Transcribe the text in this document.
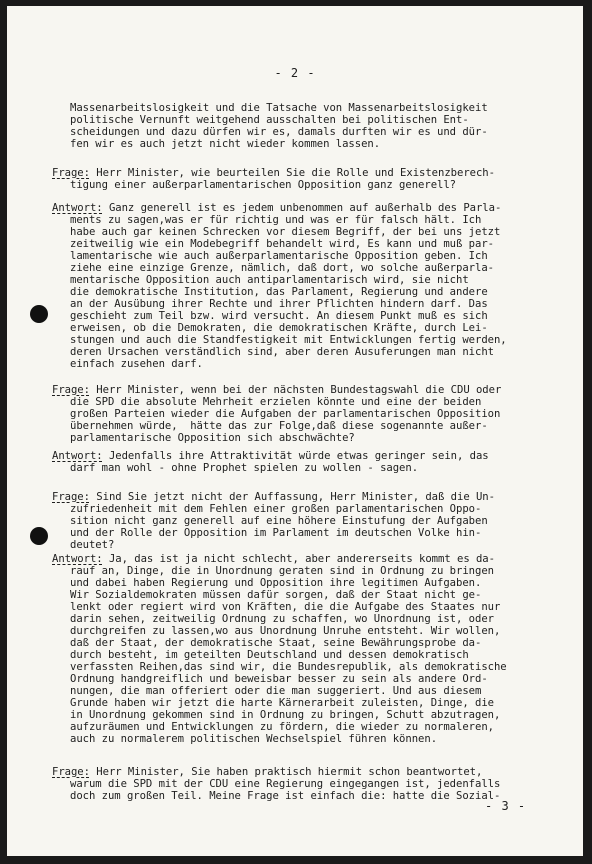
- 2 -
Massenarbeitslosigkeit und die Tatsache von Massenarbeitslosigkeit
politische Vernunft weitgehend ausschalten bei politischen Ent-
scheidungen und dazu dürfen wir es, damals durften wir es und dür-
fen wir es auch jetzt nicht wieder kommen lassen.
Frage: Herr Minister, wie beurteilen Sie die Rolle und Existenzberech-
tigung einer außerparlamentarischen Opposition ganz generell?
Antwort: Ganz generell ist es jedem unbenommen auf außerhalb des Parla-
ments zu sagen,was er für richtig und was er für falsch hält. Ich
habe auch gar keinen Schrecken vor diesem Begriff, der bei uns jetzt
zeitweilig wie ein Modebegriff behandelt wird, Es kann und muß par-
lamentarische wie auch außerparlamentarische Opposition geben. Ich
ziehe eine einzige Grenze, nämlich, daß dort, wo solche außerparla-
mentarische Opposition auch antiparlamentarisch wird, sie nicht
die demokratische Institution, das Parlament, Regierung und andere
an der Ausübung ihrer Rechte und ihrer Pflichten hindern darf. Das
geschieht zum Teil bzw. wird versucht. An diesem Punkt muß es sich
erweisen, ob die Demokraten, die demokratischen Kräfte, durch Lei-
stungen und auch die Standfestigkeit mit Entwicklungen fertig werden,
deren Ursachen verständlich sind, aber deren Ausuferungen man nicht
einfach zusehen darf.
Frage: Herr Minister, wenn bei der nächsten Bundestagswahl die CDU oder
die SPD die absolute Mehrheit erzielen könnte und eine der beiden
großen Parteien wieder die Aufgaben der parlamentarischen Opposition
übernehmen würde,  hätte das zur Folge,daß diese sogenannte außer-
parlamentarische Opposition sich abschwächte?
Antwort: Jedenfalls ihre Attraktivität würde etwas geringer sein, das
darf man wohl - ohne Prophet spielen zu wollen - sagen.
Frage: Sind Sie jetzt nicht der Auffassung, Herr Minister, daß die Un-
zufriedenheit mit dem Fehlen einer großen parlamentarischen Oppo-
sition nicht ganz generell auf eine höhere Einstufung der Aufgaben
und der Rolle der Opposition im Parlament im deutschen Volke hin-
deutet?
Antwort: Ja, das ist ja nicht schlecht, aber andererseits kommt es da-
rauf an, Dinge, die in Unordnung geraten sind in Ordnung zu bringen
und dabei haben Regierung und Opposition ihre legitimen Aufgaben.
Wir Sozialdemokraten müssen dafür sorgen, daß der Staat nicht ge-
lenkt oder regiert wird von Kräften, die die Aufgabe des Staates nur
darin sehen, zeitweilig Ordnung zu schaffen, wo Unordnung ist, oder
durchgreifen zu lassen,wo aus Unordnung Unruhe entsteht. Wir wollen,
daß der Staat, der demokratische Staat, seine Bewährungsprobe da-
durch besteht, im geteilten Deutschland und dessen demokratisch
verfassten Reihen,das sind wir, die Bundesrepublik, als demokratische
Ordnung handgreiflich und beweisbar besser zu sein als andere Ord-
nungen, die man offeriert oder die man suggeriert. Und aus diesem
Grunde haben wir jetzt die harte Kärnerarbeit zuleisten, Dinge, die
in Unordnung gekommen sind in Ordnung zu bringen, Schutt abzutragen,
aufzuräumen und Entwicklungen zu fördern, die wieder zu normaleren,
auch zu normalerem politischen Wechselspiel führen können.
Frage: Herr Minister, Sie haben praktisch hiermit schon beantwortet,
warum die SPD mit der CDU eine Regierung eingegangen ist, jedenfalls
doch zum großen Teil. Meine Frage ist einfach die: hatte die Sozial-
- 3 -
